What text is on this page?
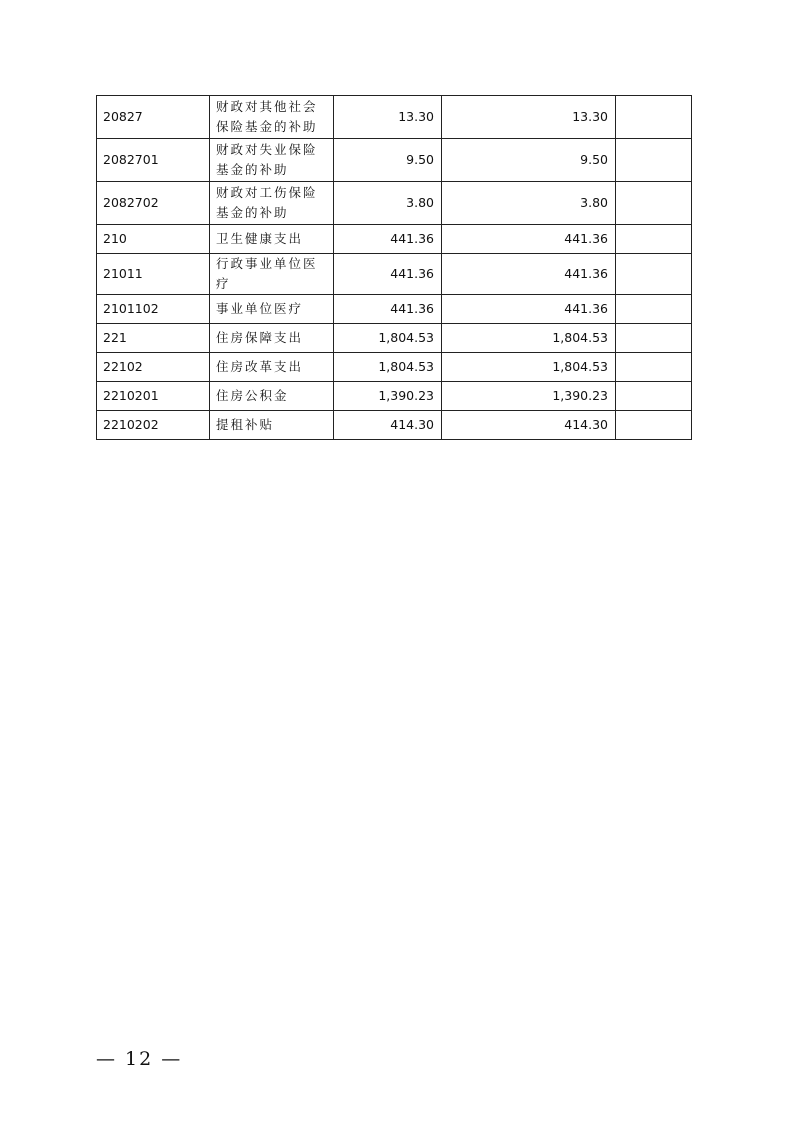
20827	财政对其他社会保险基金的补助	13.30	13.30	
2082701	财政对失业保险基金的补助	9.50	9.50	
2082702	财政对工伤保险基金的补助	3.80	3.80	
210	卫生健康支出	441.36	441.36	
21011	行政事业单位医疗	441.36	441.36	
2101102	事业单位医疗	441.36	441.36	
221	住房保障支出	1,804.53	1,804.53	
22102	住房改革支出	1,804.53	1,804.53	
2210201	住房公积金	1,390.23	1,390.23	
2210202	提租补贴	414.30	414.30	
— 12 —
